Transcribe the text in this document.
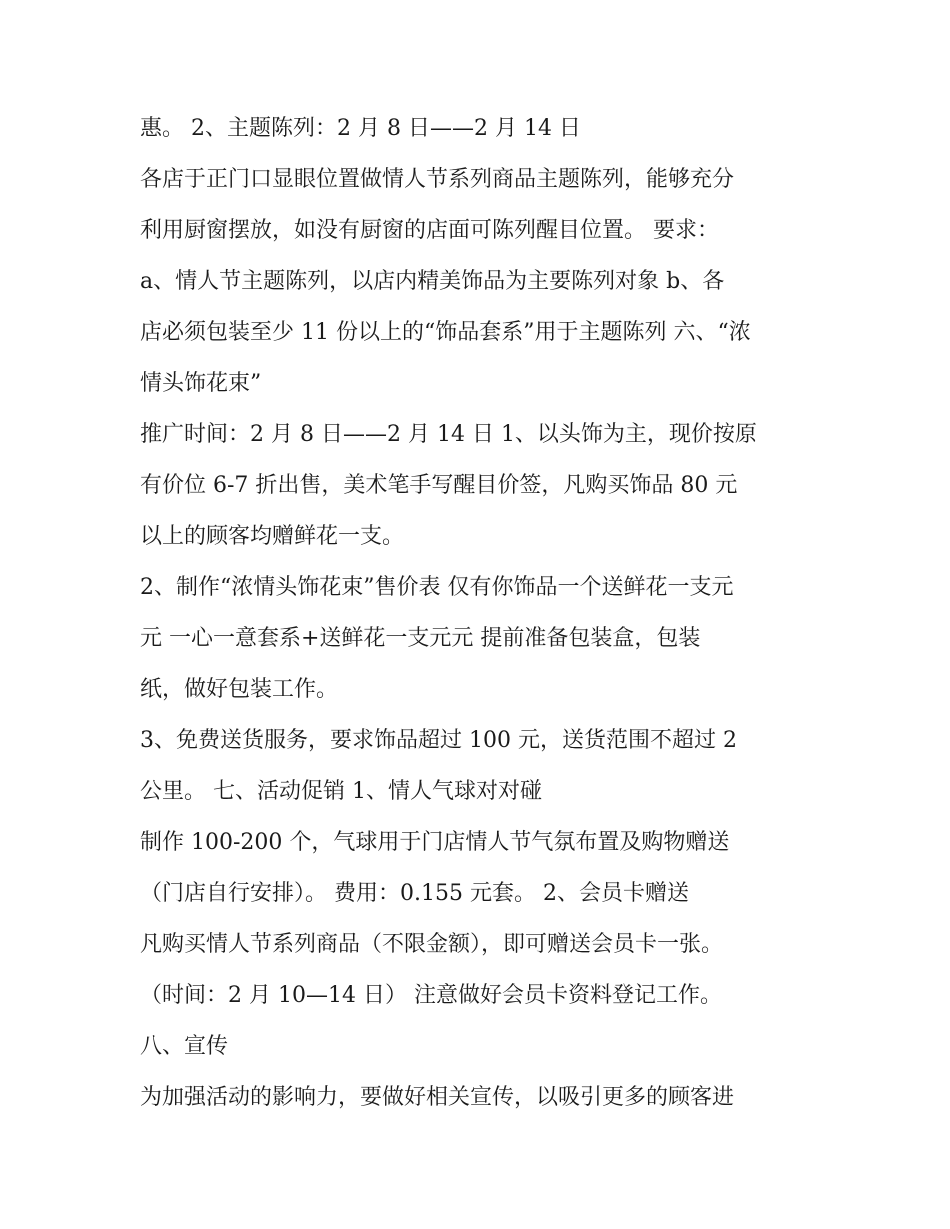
惠。 2、主题陈列：2 月 8 日——2 月 14 日
各店于正门口显眼位置做情人节系列商品主题陈列，能够充分
利用厨窗摆放，如没有厨窗的店面可陈列醒目位置。 要求：
a、情人节主题陈列，以店内精美饰品为主要陈列对象 b、各
店必须包装至少 11 份以上的“饰品套系”用于主题陈列 六、“浓
情头饰花束”
推广时间：2 月 8 日——2 月 14 日 1、以头饰为主，现价按原
有价位 6-7 折出售，美术笔手写醒目价签，凡购买饰品 80 元
以上的顾客均赠鲜花一支。
2、制作“浓情头饰花束”售价表 仅有你饰品一个送鲜花一支元
元 一心一意套系+送鲜花一支元元 提前准备包装盒，包装
纸，做好包装工作。
3、免费送货服务，要求饰品超过 100 元，送货范围不超过 2
公里。 七、活动促销 1、情人气球对对碰
制作 100-200 个，气球用于门店情人节气氛布置及购物赠送
（门店自行安排）。 费用：0.155 元套。 2、会员卡赠送
凡购买情人节系列商品（不限金额），即可赠送会员卡一张。
（时间：2 月 10—14 日） 注意做好会员卡资料登记工作。
八、宣传
为加强活动的影响力，要做好相关宣传，以吸引更多的顾客进
